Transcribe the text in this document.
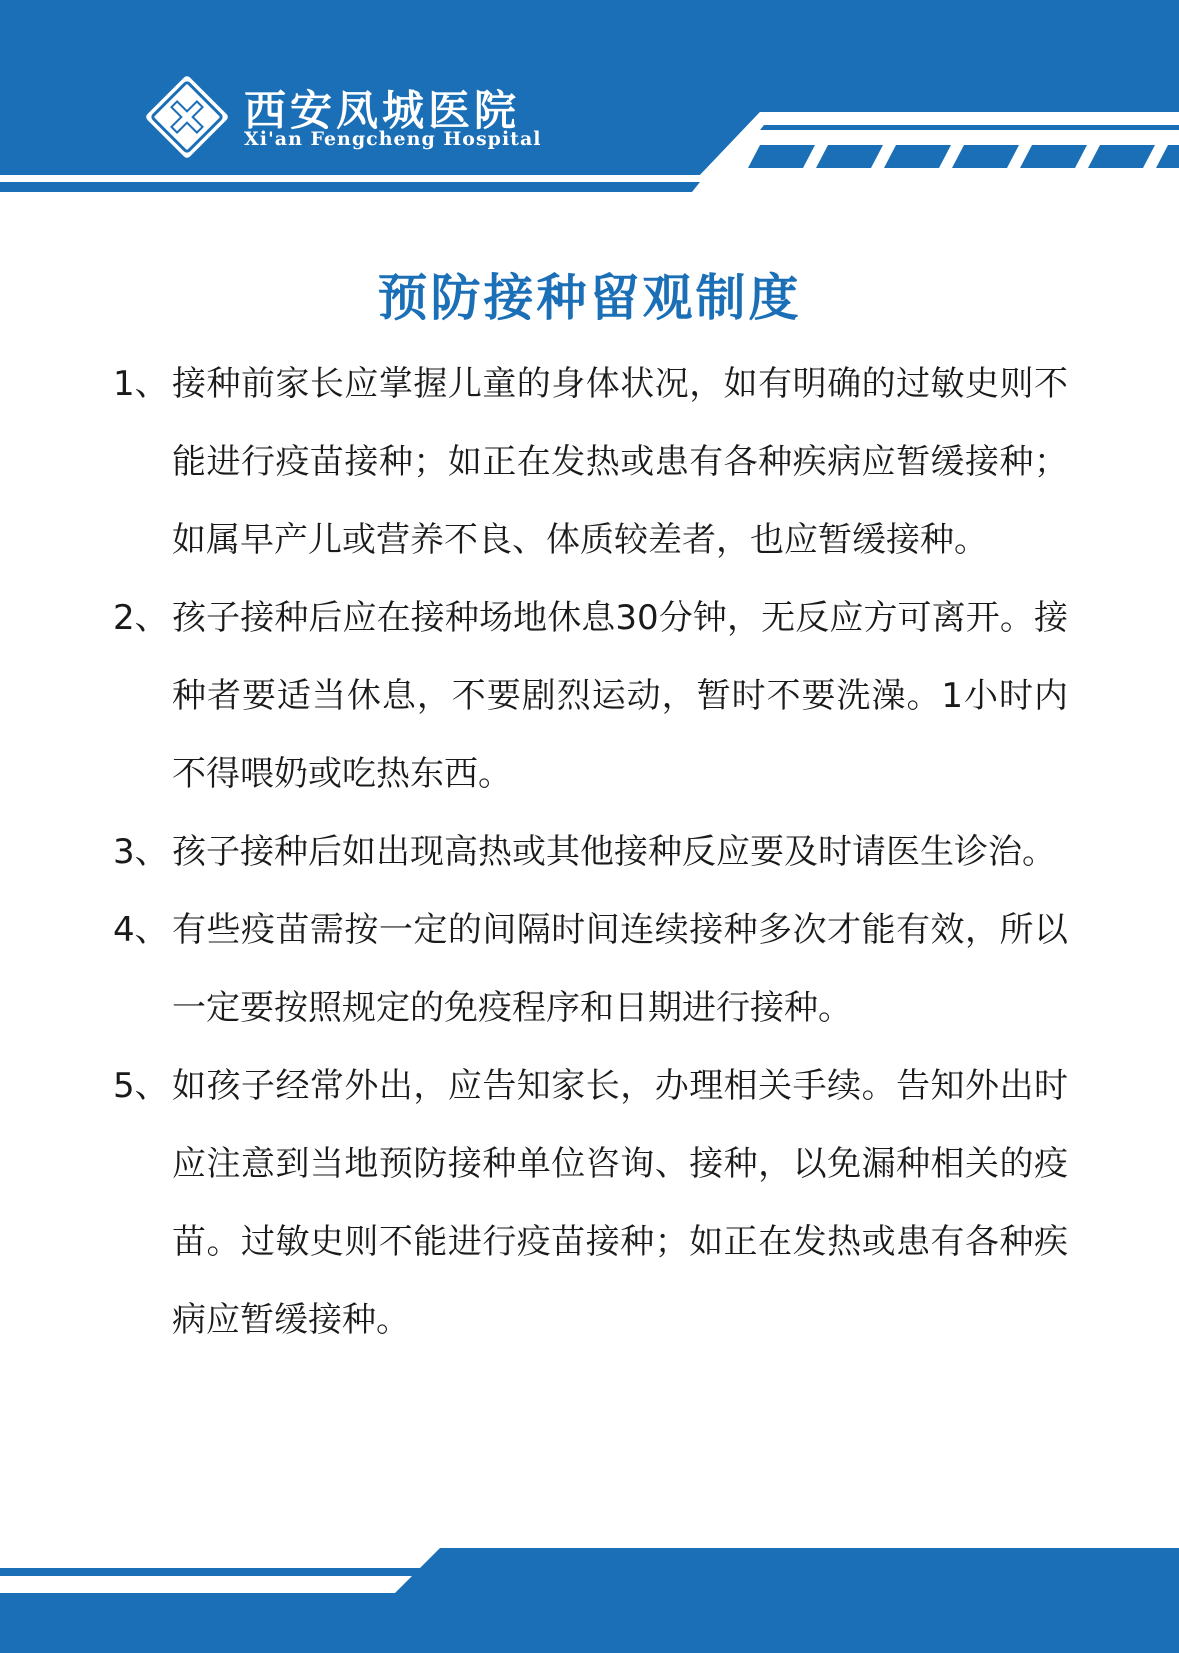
西安凤城医院
Xi'an Fengcheng Hospital
预防接种留观制度
1、 接种前家长应掌握儿童的身体状况，如有明确的过敏史则不能进行疫苗接种；如正在发热或患有各种疾病应暂缓接种；如属早产儿或营养不良、体质较差者，也应暂缓接种。
2、 孩子接种后应在接种场地休息30分钟，无反应方可离开。接种者要适当休息，不要剧烈运动，暂时不要洗澡。1小时内不得喂奶或吃热东西。
3、 孩子接种后如出现高热或其他接种反应要及时请医生诊治。
4、 有些疫苗需按一定的间隔时间连续接种多次才能有效，所以一定要按照规定的免疫程序和日期进行接种。
5、 如孩子经常外出，应告知家长，办理相关手续。告知外出时应注意到当地预防接种单位咨询、接种，以免漏种相关的疫苗。过敏史则不能进行疫苗接种；如正在发热或患有各种疾病应暂缓接种。
